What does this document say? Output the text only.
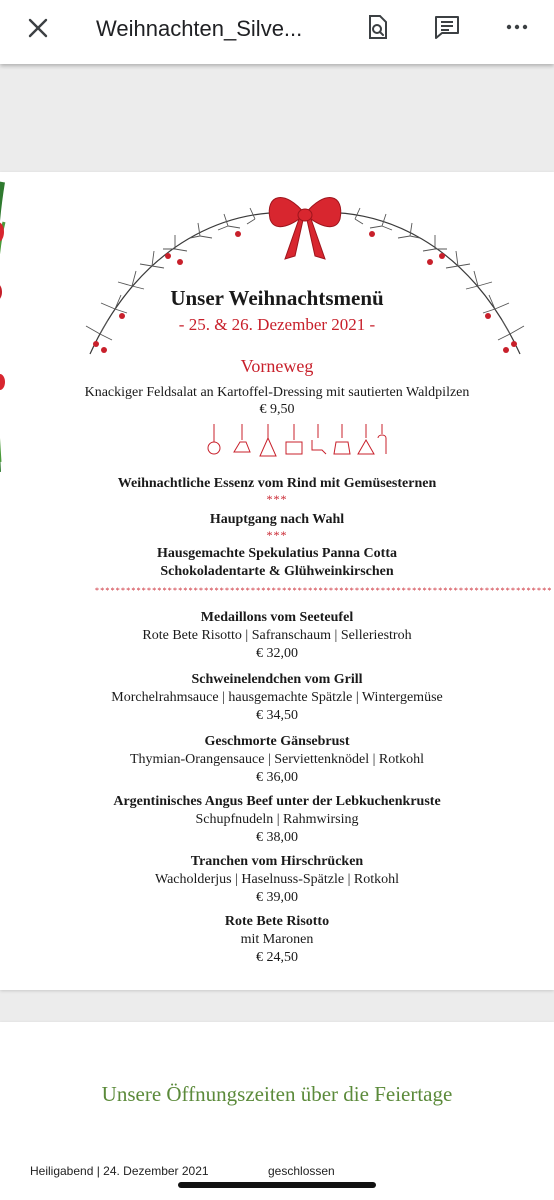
Weihnachten_Silve...
Unser Weihnachtsmenü
- 25. & 26. Dezember 2021 -
Vorneweg
Knackiger Feldsalat an Kartoffel-Dressing mit sautierten Waldpilzen
€ 9,50
Weihnachtliche Essenz vom Rind mit Gemüsesternen
***
Hauptgang nach Wahl
***
Hausgemachte Spekulatius Panna Cotta
Schokoladentarte & Glühweinkirschen
****************************************************************************************
Medaillons vom Seeteufel
Rote Bete Risotto | Safranschaum | Selleriestroh
€ 32,00
Schweinelendchen vom Grill
Morchelrahmsauce | hausgemachte Spätzle | Wintergemüse
€ 34,50
Geschmorte Gänsebrust
Thymian-Orangensauce | Serviettenknödel | Rotkohl
€ 36,00
Argentinisches Angus Beef unter der Lebkuchenkruste
Schupfnudeln | Rahmwirsing
€ 38,00
Tranchen vom Hirschrücken
Wacholderjus | Haselnuss-Spätzle | Rotkohl
€ 39,00
Rote Bete Risotto
mit Maronen
€ 24,50
Unsere Öffnungszeiten über die Feiertage
Heiligabend | 24. Dezember 2021	geschlossen
